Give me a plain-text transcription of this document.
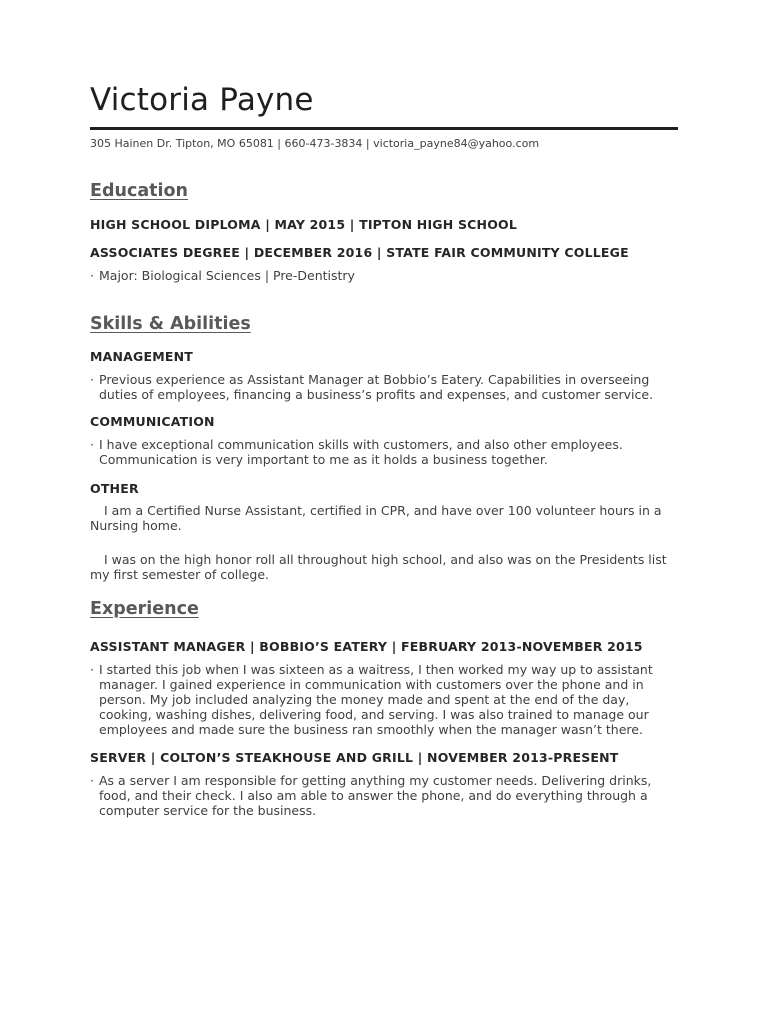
Victoria Payne
305 Hainen Dr. Tipton, MO 65081 | 660-473-3834 | victoria_payne84@yahoo.com
Education
HIGH SCHOOL DIPLOMA | MAY 2015 | TIPTON HIGH SCHOOL
ASSOCIATES DEGREE | DECEMBER 2016 | STATE FAIR COMMUNITY COLLEGE
· Major: Biological Sciences | Pre-Dentistry
Skills & Abilities
MANAGEMENT
· Previous experience as Assistant Manager at Bobbio’s Eatery. Capabilities in overseeing duties of employees, financing a business’s profits and expenses, and customer service.
COMMUNICATION
· I have exceptional communication skills with customers, and also other employees. Communication is very important to me as it holds a business together.
OTHER
I am a Certified Nurse Assistant, certified in CPR, and have over 100 volunteer hours in a Nursing home.
I was on the high honor roll all throughout high school, and also was on the Presidents list my first semester of college.
Experience
ASSISTANT MANAGER | BOBBIO’S EATERY | FEBRUARY 2013-NOVEMBER 2015
· I started this job when I was sixteen as a waitress, I then worked my way up to assistant manager. I gained experience in communication with customers over the phone and in person. My job included analyzing the money made and spent at the end of the day, cooking, washing dishes, delivering food, and serving. I was also trained to manage our employees and made sure the business ran smoothly when the manager wasn’t there.
SERVER | COLTON’S STEAKHOUSE AND GRILL | NOVEMBER 2013-PRESENT
· As a server I am responsible for getting anything my customer needs. Delivering drinks, food, and their check. I also am able to answer the phone, and do everything through a computer service for the business.
